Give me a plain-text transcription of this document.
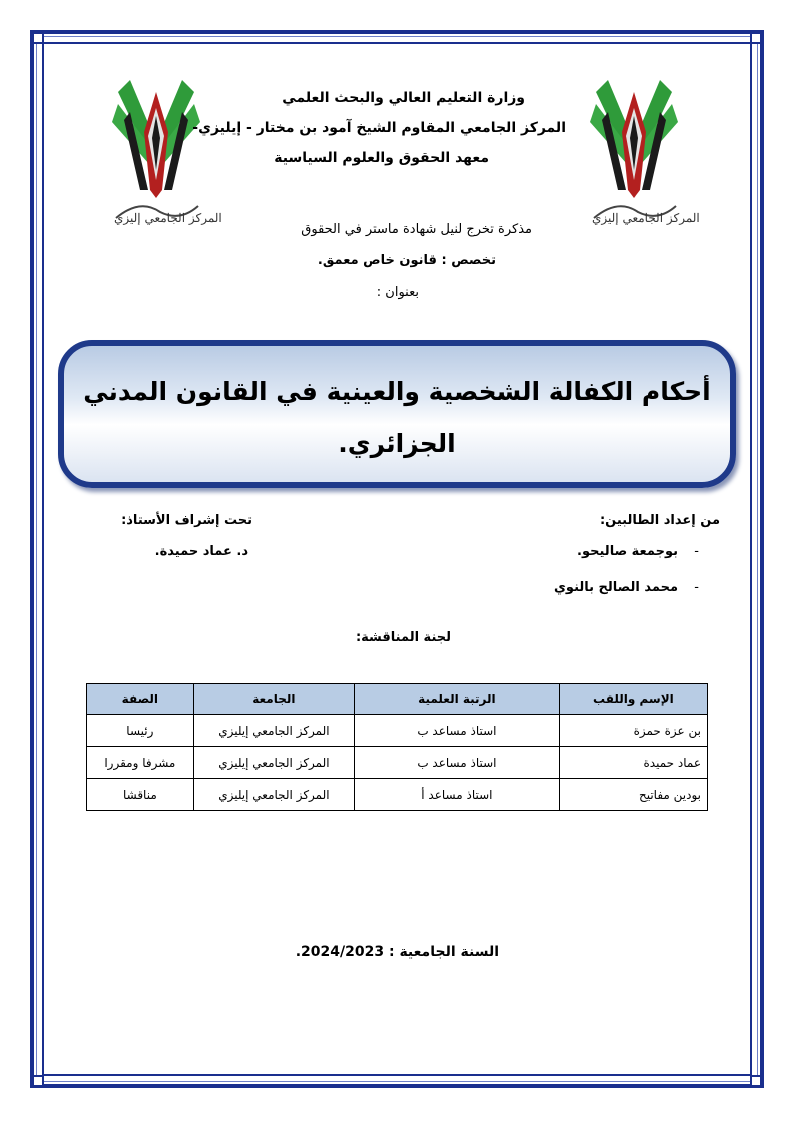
المركز الجامعي إليزي	المركز الجامعي إليزي
وزارة التعليم العالي والبحث العلمي
المركز الجامعي المقاوم الشيخ آمود بن مختار - إيليزي-
معهد الحقوق والعلوم السياسية
مذكرة تخرج لنيل شهادة ماستر في الحقوق
تخصص : قانون خاص معمق.
بعنوان :
أحكام الكفالة الشخصية والعينية في القانون المدني
الجزائري.
من إعداد الطالبين:
-
بوجمعة صاليحو.
-
محمد الصالح بالنوي
تحت إشراف الأستاذ:
د. عماد حميدة.
لجنة المناقشة:
الإسم واللقب	الرتبة العلمية	الجامعة	الصفة
بن عزة حمزة	استاذ مساعد ب	المركز الجامعي إيليزي	رئيسا
عماد حميدة	استاذ مساعد ب	المركز الجامعي إيليزي	مشرفا ومقررا
بودين مفاتيح	استاذ مساعد أ	المركز الجامعي إيليزي	مناقشا
السنة الجامعية : 2024/2023.
